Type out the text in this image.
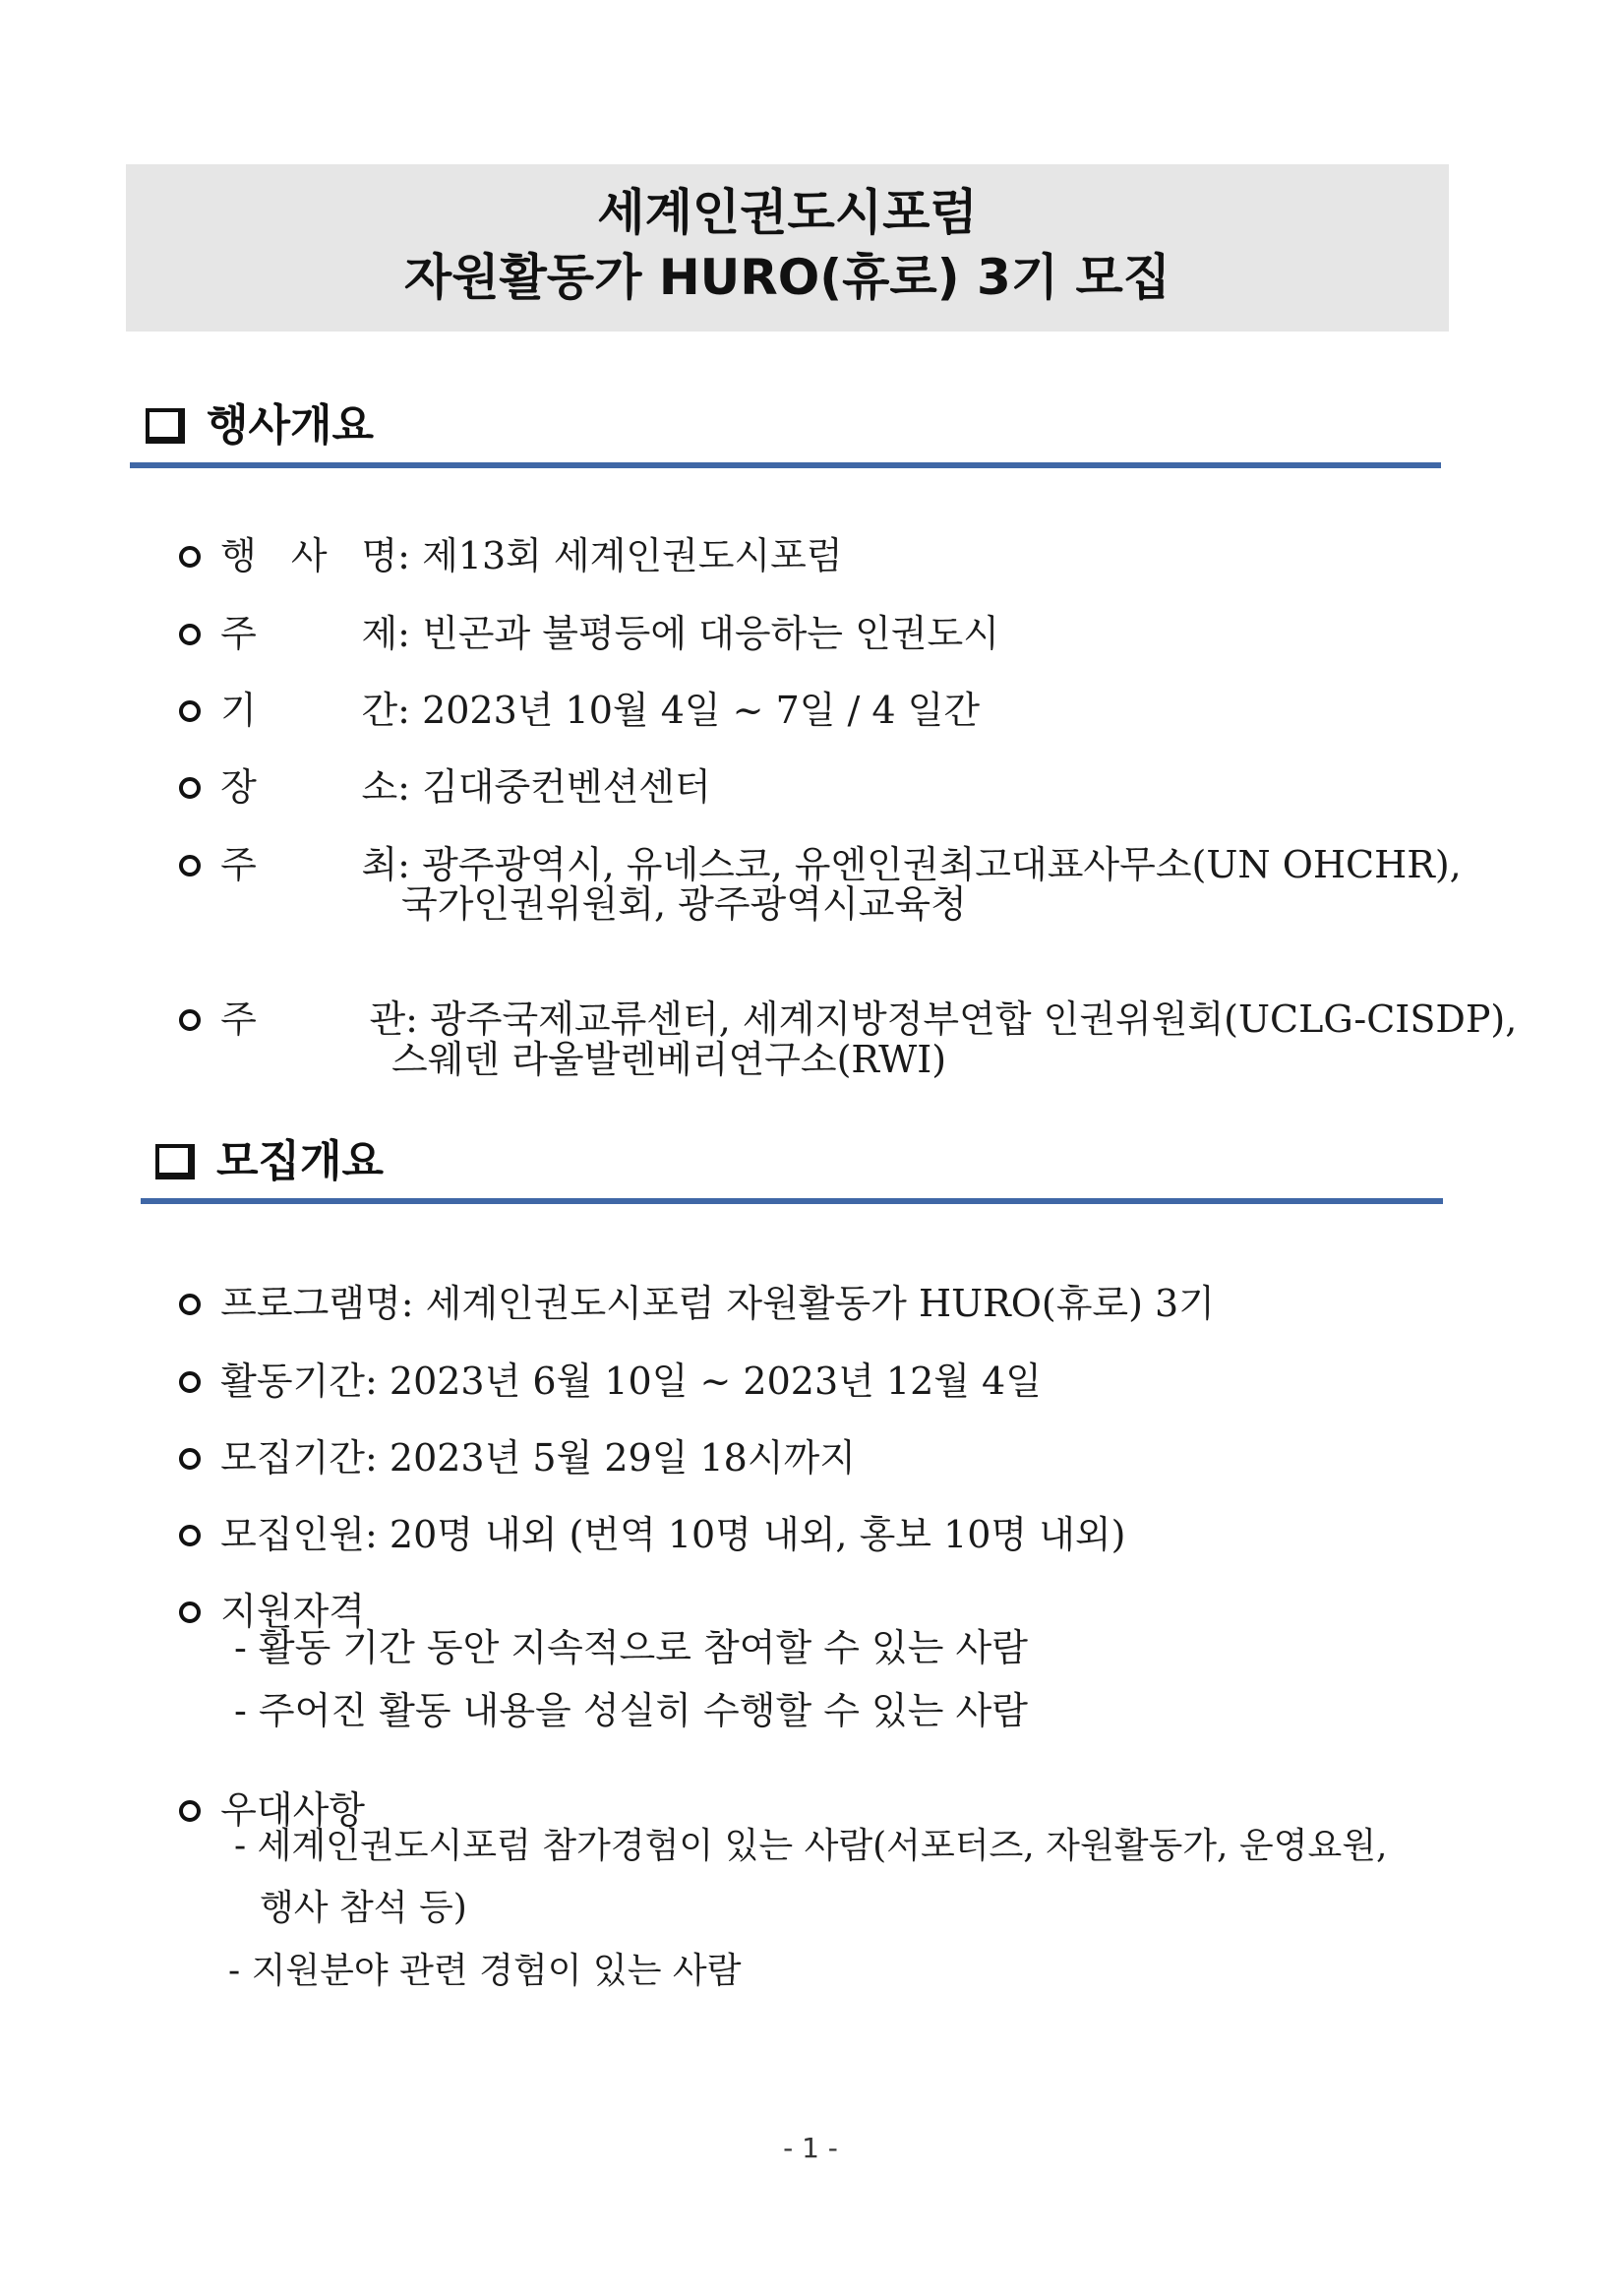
세계인권도시포럼
자원활동가 HURO(휴로) 3기 모집
행사개요

행 사 명 : 제13회 세계인권도시포럼

주	제 : 빈곤과 불평등에 대응하는 인권도시

기	간 : 2023년 10월 4일 ~ 7일 / 4 일간

장	소 : 김대중컨벤션센터

주	최 : 광주광역시, 유네스코, 유엔인권최고대표사무소(UN OHCHR),

국가인권위원회, 광주광역시교육청

주	관 : 광주국제교류센터, 세계지방정부연합 인권위원회(UCLG-CISDP),

스웨덴 라울발렌베리연구소(RWI)
모집개요

프로그램명: 세계인권도시포럼 자원활동가 HURO(휴로) 3기

활동기간: 2023년 6월 10일 ~ 2023년 12월 4일

모집기간: 2023년 5월 29일 18시까지

모집인원: 20명 내외 (번역 10명 내외, 홍보 10명 내외)

지원자격

- 활동 기간 동안 지속적으로 참여할 수 있는 사람
- 주어진 활동 내용을 성실히 수행할 수 있는 사람

우대사항

- 세계인권도시포럼 참가경험이 있는 사람(서포터즈, 자원활동가, 운영요원,
행사 참석 등)
- 지원분야 관련 경험이 있는 사람
- 1 -
